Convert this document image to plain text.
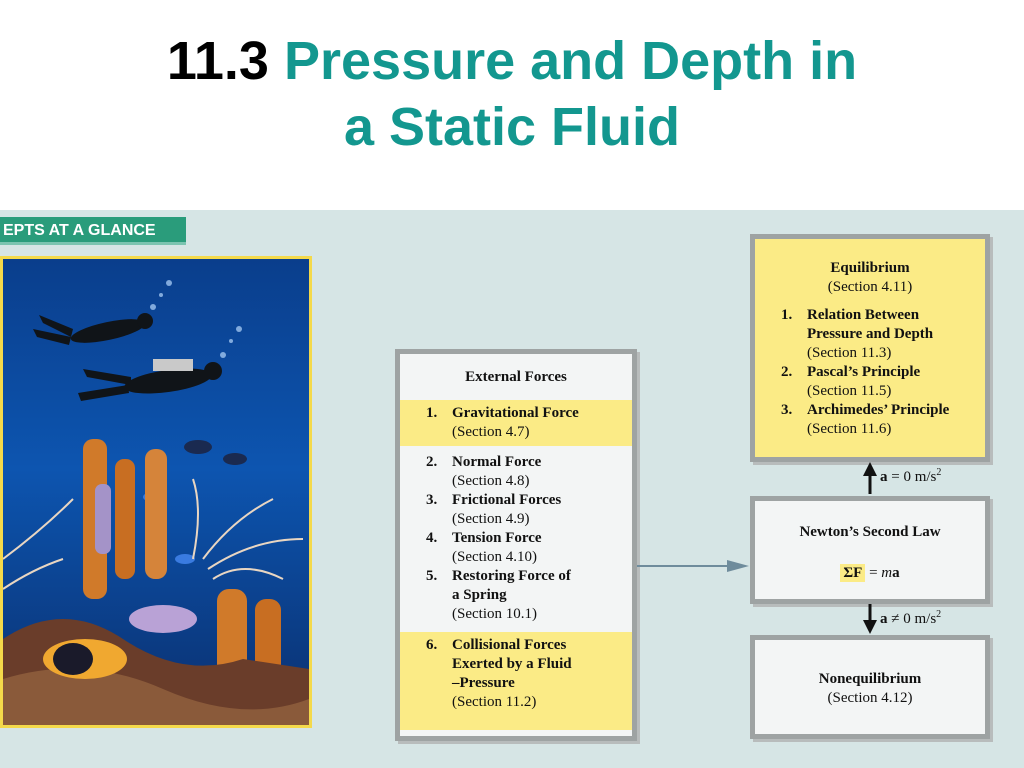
11.3 Pressure and Depth in
a Static Fluid
EPTS AT A GLANCE
External Forces
1. Gravitational Force
(Section 4.7)
2. Normal Force
(Section 4.8)
3. Frictional Forces
(Section 4.9)
4. Tension Force
(Section 4.10)
5. Restoring Force of
a Spring
(Section 10.1)
6. Collisional Forces
Exerted by a Fluid
–Pressure
(Section 11.2)
Equilibrium
(Section 4.11)
1. Relation Between
Pressure and Depth
(Section 11.3)
2. Pascal’s Principle
(Section 11.5)
3. Archimedes’ Principle
(Section 11.6)
Newton’s Second Law
ΣF = ma
Nonequilibrium
(Section 4.12)
a = 0 $m/s^2$
a ≠ 0 $m/s^2$
